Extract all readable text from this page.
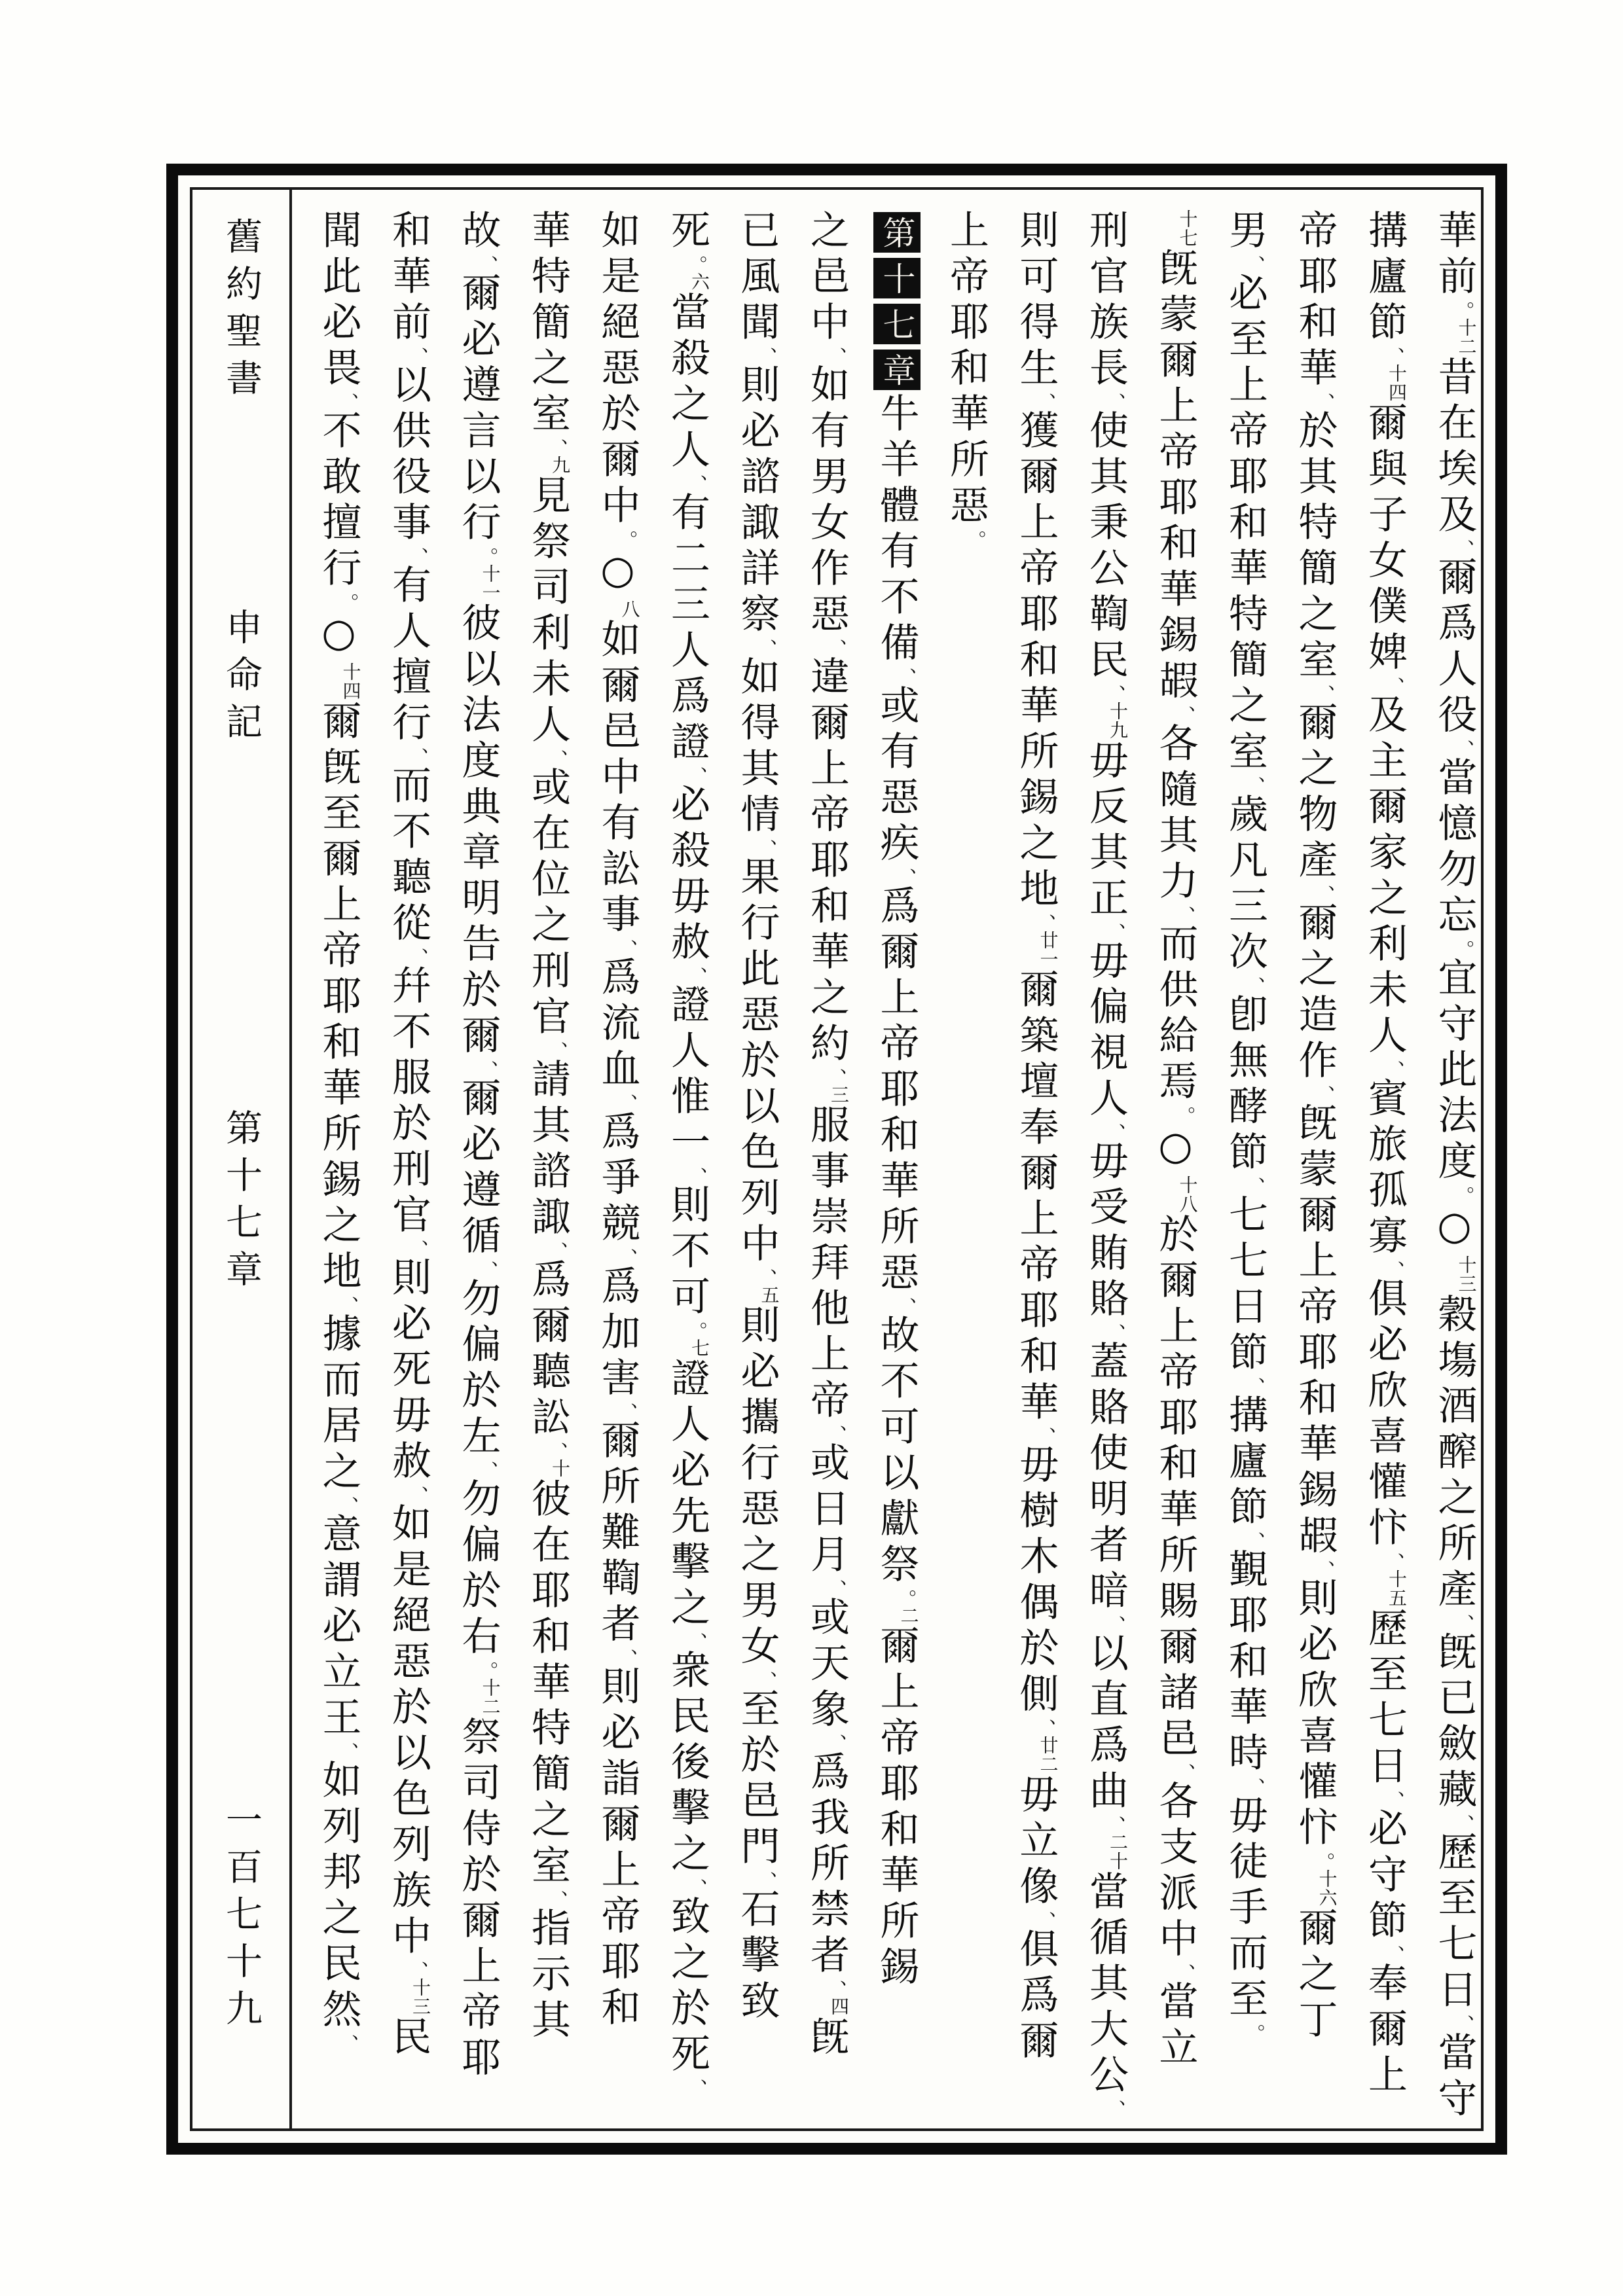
舊約聖書 申命記 第十七章 一百七十九
華前。十二昔在埃及、爾爲人役、當憶勿忘。宜守此法度。○十三穀塲酒醡之所產、旣已斂藏、歷至七日、當守
搆廬節、十四爾與子女僕婢、及主爾家之利未人、賓旅孤寡、俱必欣喜懽忭、十五歷至七日、必守節、奉爾上
帝耶和華、於其特簡之室、爾之物產、爾之造作、旣蒙爾上帝耶和華錫嘏、則必欣喜懽忭。十六爾之丁
男、必至上帝耶和華特簡之室、歲凡三次、卽無酵節、七七日節、搆廬節、覲耶和華時、毋徒手而至。
十七旣蒙爾上帝耶和華錫嘏、各隨其力、而供給焉。○十八於爾上帝耶和華所賜爾諸邑、各支派中、當立
刑官族長、使其秉公鞫民、十九毋反其正、毋偏視人、毋受賄賂、蓋賂使明者暗、以直爲曲、二十當循其大公、
則可得生、獲爾上帝耶和華所錫之地、廿一爾築壇奉爾上帝耶和華、毋樹木偶於側、廿二毋立像、俱爲爾
上帝耶和華所惡。
第十七章牛羊體有不備、或有惡疾、爲爾上帝耶和華所惡、故不可以獻祭。二爾上帝耶和華所錫
之邑中、如有男女作惡、違爾上帝耶和華之約、三服事崇拜他上帝、或日月、或天象、爲我所禁者、四旣
已風聞、則必諮諏詳察、如得其情、果行此惡於以色列中、五則必攜行惡之男女、至於邑門、石擊致
死。六當殺之人、有二三人爲證、必殺毋赦、證人惟一、則不可。七證人必先擊之、衆民後擊之、致之於死、
如是絕惡於爾中。○八如爾邑中有訟事、爲流血、爲爭競、爲加害、爾所難鞫者、則必詣爾上帝耶和
華特簡之室、九見祭司利未人、或在位之刑官、請其諮諏、爲爾聽訟、十彼在耶和華特簡之室、指示其
故、爾必遵言以行。十一彼以法度典章明告於爾、爾必遵循、勿偏於左、勿偏於右。十二祭司侍於爾上帝耶
和華前、以供役事、有人擅行、而不聽從、幷不服於刑官、則必死毋赦、如是絕惡於以色列族中、十三民
聞此必畏、不敢擅行。○十四爾旣至爾上帝耶和華所錫之地、據而居之、意謂必立王、如列邦之民然、
